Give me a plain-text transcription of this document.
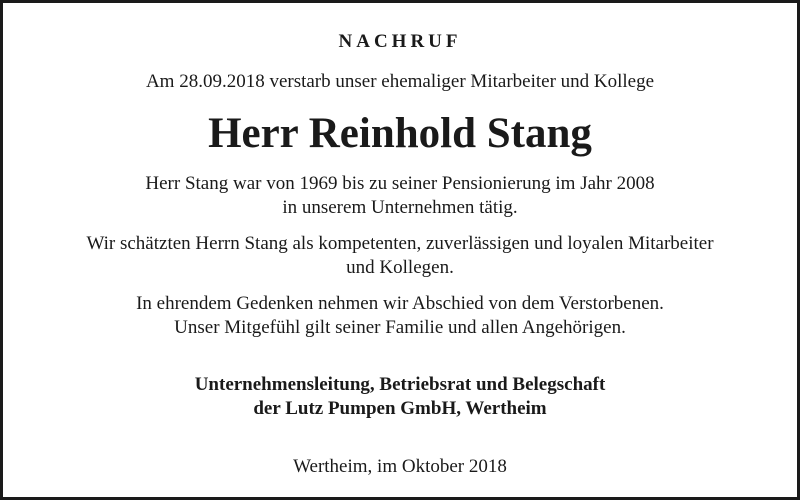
NACHRUF
Am 28.09.2018 verstarb unser ehemaliger Mitarbeiter und Kollege
Herr Reinhold Stang
Herr Stang war von 1969 bis zu seiner Pensionierung im Jahr 2008
in unserem Unternehmen tätig.
Wir schätzten Herrn Stang als kompetenten, zuverlässigen und loyalen Mitarbeiter
und Kollegen.
In ehrendem Gedenken nehmen wir Abschied von dem Verstorbenen.
Unser Mitgefühl gilt seiner Familie und allen Angehörigen.
Unternehmensleitung, Betriebsrat und Belegschaft
der Lutz Pumpen GmbH, Wertheim
Wertheim, im Oktober 2018
